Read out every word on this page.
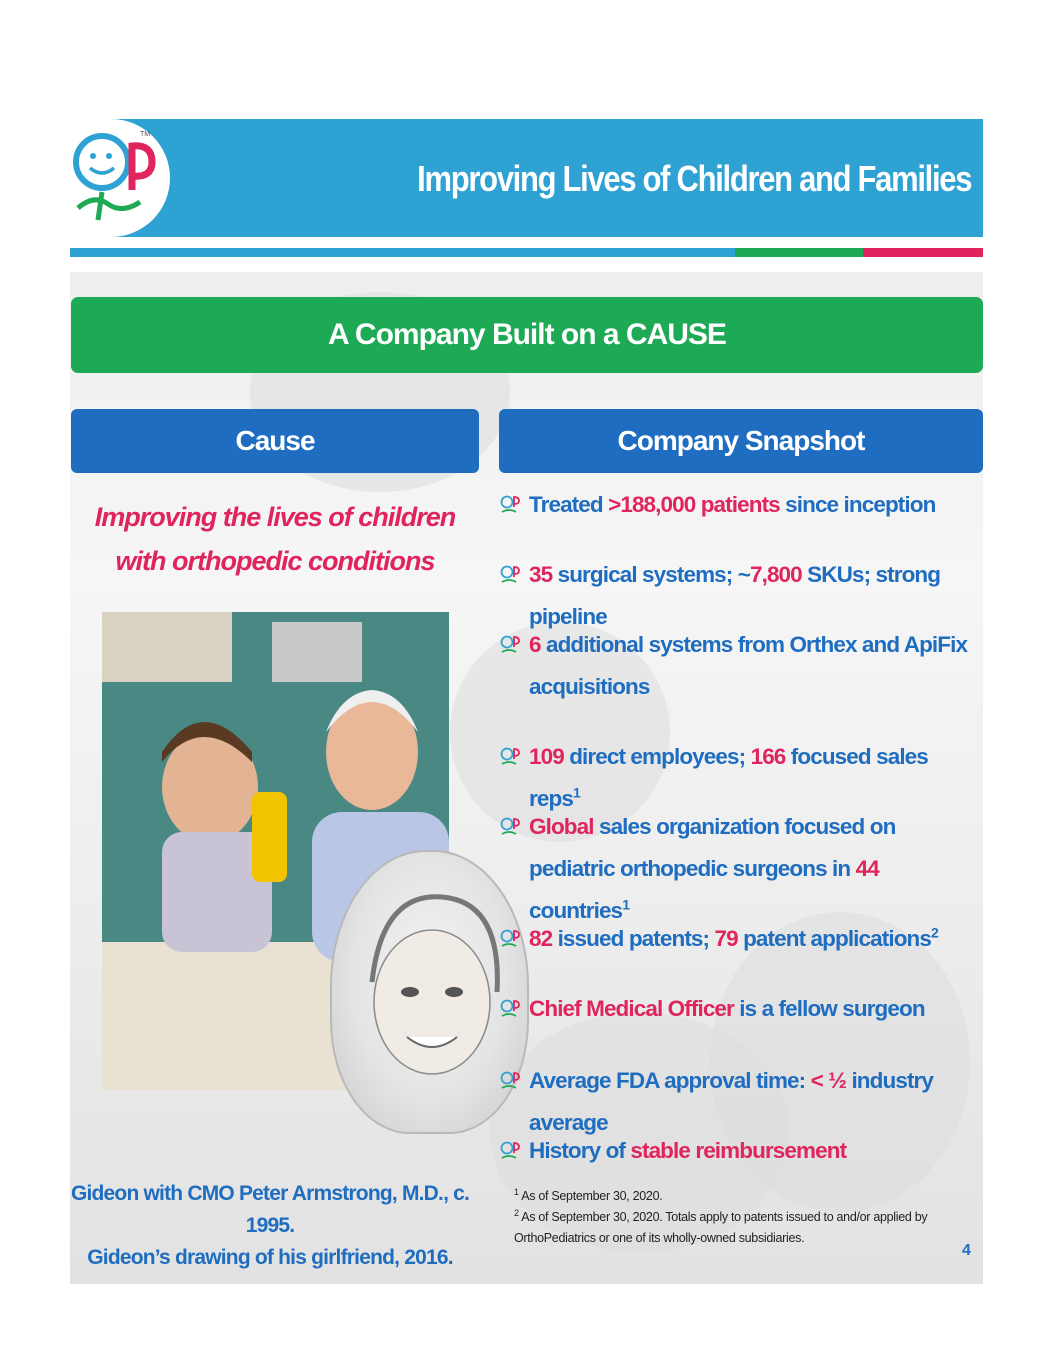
TM
Improving Lives of Children and Families
A Company Built on a CAUSE
Cause	Company Snapshot
Improving the lives of children
with orthopedic conditions
Gideon with CMO Peter Armstrong, M.D., c. 1995.
Gideon’s drawing of his girlfriend, 2016.
Treated >188,000 patients since inception
35 surgical systems; ~7,800 SKUs; strong pipeline
6 additional systems from Orthex and ApiFix acquisitions
109 direct employees; 166 focused sales reps$^1$
Global sales organization focused on pediatric orthopedic surgeons in 44 countries$^1$
82 issued patents; 79 patent applications$^2$
Chief Medical Officer is a fellow surgeon
Average FDA approval time: < ½ industry average
History of stable reimbursement
$^1$ As of September 30, 2020.
$^2$ As of September 30, 2020. Totals apply to patents issued to and/or applied by OrthoPediatrics or one of its wholly-owned subsidiaries.
4
